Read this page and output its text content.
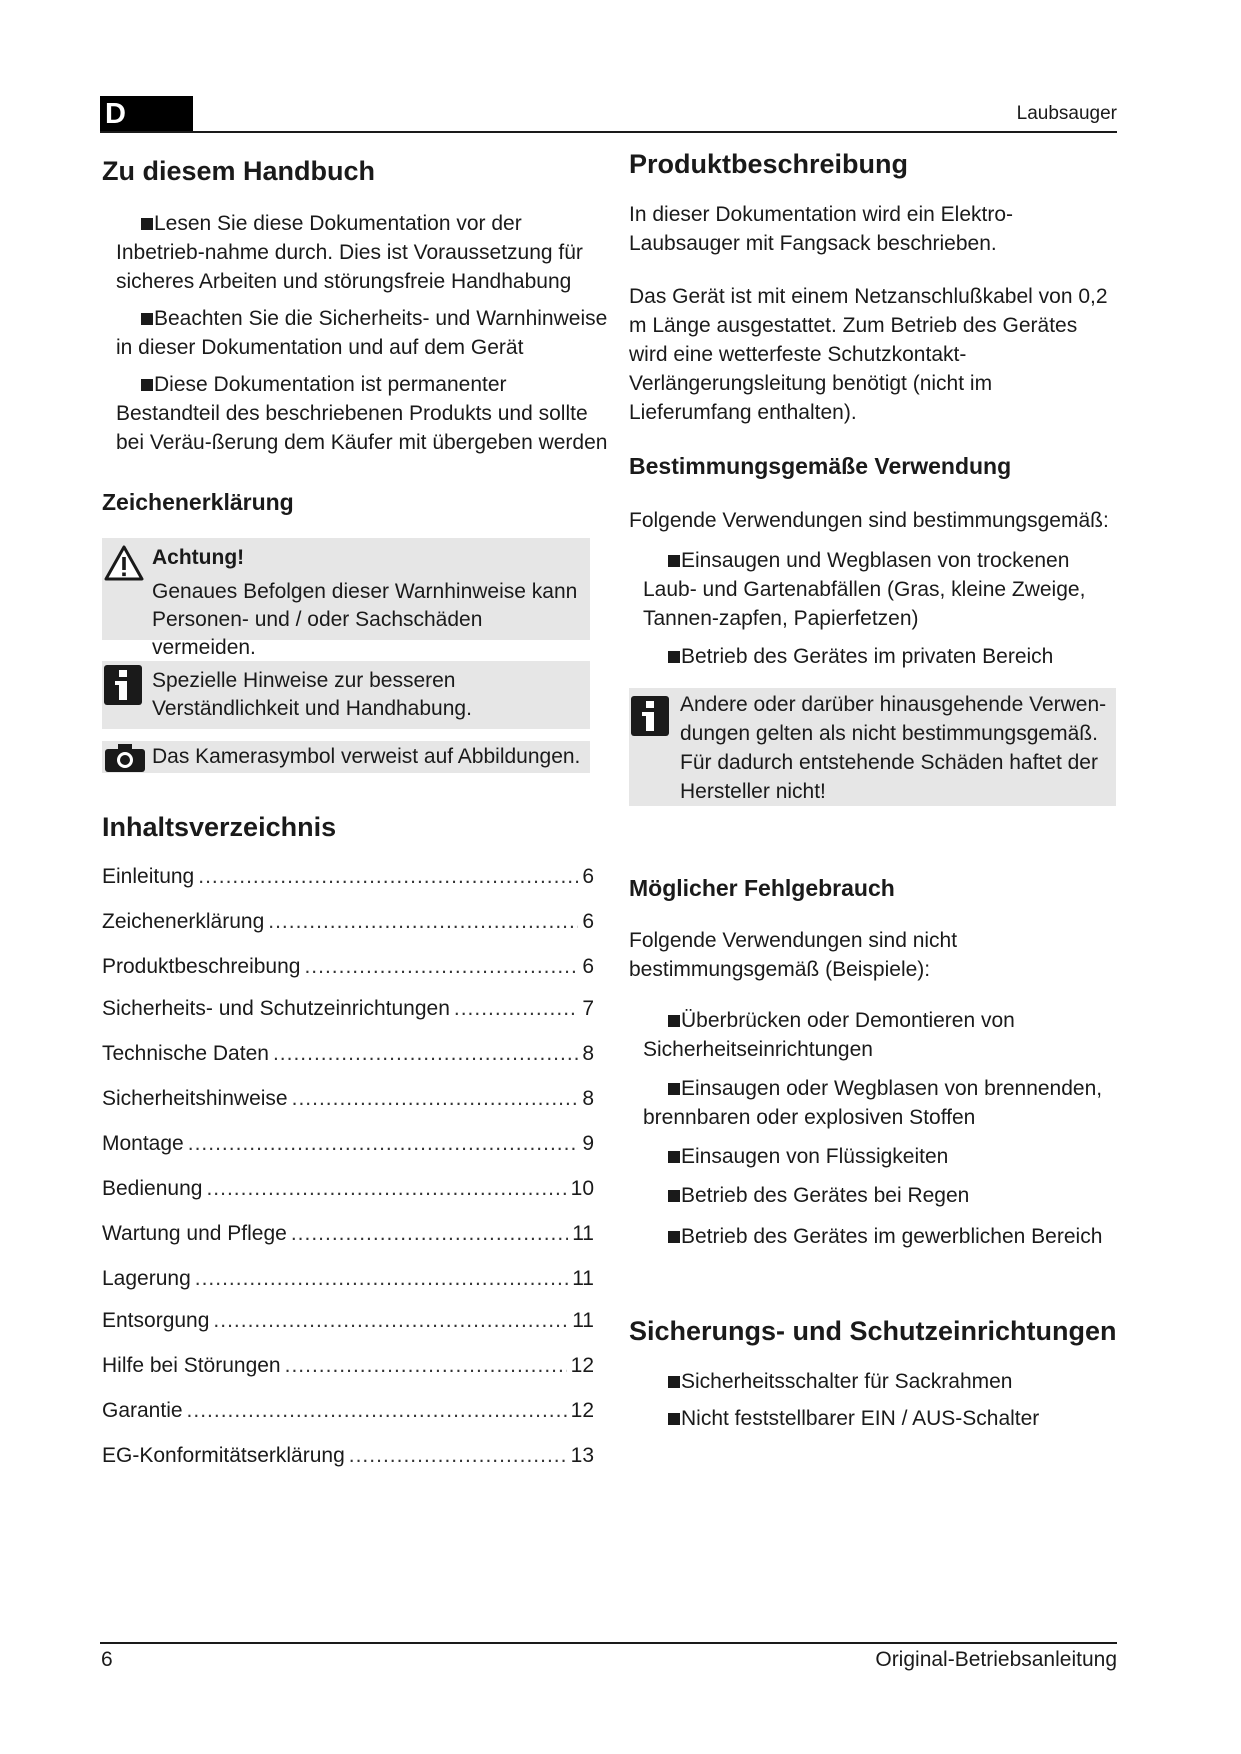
D	Laubsauger
Zu diesem Handbuch
Lesen Sie diese Dokumentation vor der Inbetrieb-nahme durch. Dies ist Voraussetzung für sicheres Arbeiten und störungsfreie Handhabung
Beachten Sie die Sicherheits- und Warnhinweise in dieser Dokumentation und auf dem Gerät
Diese Dokumentation ist permanenter Bestandteil des beschriebenen Produkts und sollte bei Veräu-ßerung dem Käufer mit übergeben werden
Zeichenerklärung
Achtung!
Genaues Befolgen dieser Warnhinweise kann Personen- und / oder Sachschäden vermeiden.
Spezielle Hinweise zur besseren Verständlichkeit und Handhabung.
Das Kamerasymbol verweist auf Abbildungen.
Inhaltsverzeichnis
Einleitung .....	6
Zeichenerklärung .....	6
Produktbeschreibung .....	6
Sicherheits- und Schutzeinrichtungen .....	7
Technische Daten .....	8
Sicherheitshinweise .....	8
Montage .....	9
Bedienung .....	10
Wartung und Pflege .....	11
Lagerung .....	11
Entsorgung .....	11
Hilfe bei Störungen .....	12
Garantie .....	12
EG-Konformitätserklärung .....	13
Produktbeschreibung

In dieser Dokumentation wird ein Elektro-Laubsauger mit Fangsack beschrieben.

Das Gerät ist mit einem Netzanschlußkabel von 0,2 m Länge ausgestattet. Zum Betrieb des Gerätes wird eine wetterfeste Schutzkontakt-Verlängerungsleitung benötigt (nicht im Lieferumfang enthalten).

Bestimmungsgemäße Verwendung

Folgende Verwendungen sind bestimmungsgemäß:

Einsaugen und Wegblasen von trockenen Laub- und Gartenabfällen (Gras, kleine Zweige, Tannen-zapfen, Papierfetzen)
Betrieb des Gerätes im privaten Bereich
Andere oder darüber hinausgehende Verwen-dungen gelten als nicht bestimmungsgemäß. Für dadurch entstehende Schäden haftet der Hersteller nicht!
Möglicher Fehlgebrauch

Folgende Verwendungen sind nicht bestimmungsgemäß (Beispiele):

Überbrücken oder Demontieren von Sicherheitseinrichtungen
Einsaugen oder Wegblasen von brennenden, brennbaren oder explosiven Stoffen
Einsaugen von Flüssigkeiten
Betrieb des Gerätes bei Regen
Betrieb des Gerätes im gewerblichen Bereich
Sicherungs- und Schutzeinrichtungen
Sicherheitsschalter für Sackrahmen
Nicht feststellbarer EIN / AUS-Schalter
6	Original-Betriebsanleitung
